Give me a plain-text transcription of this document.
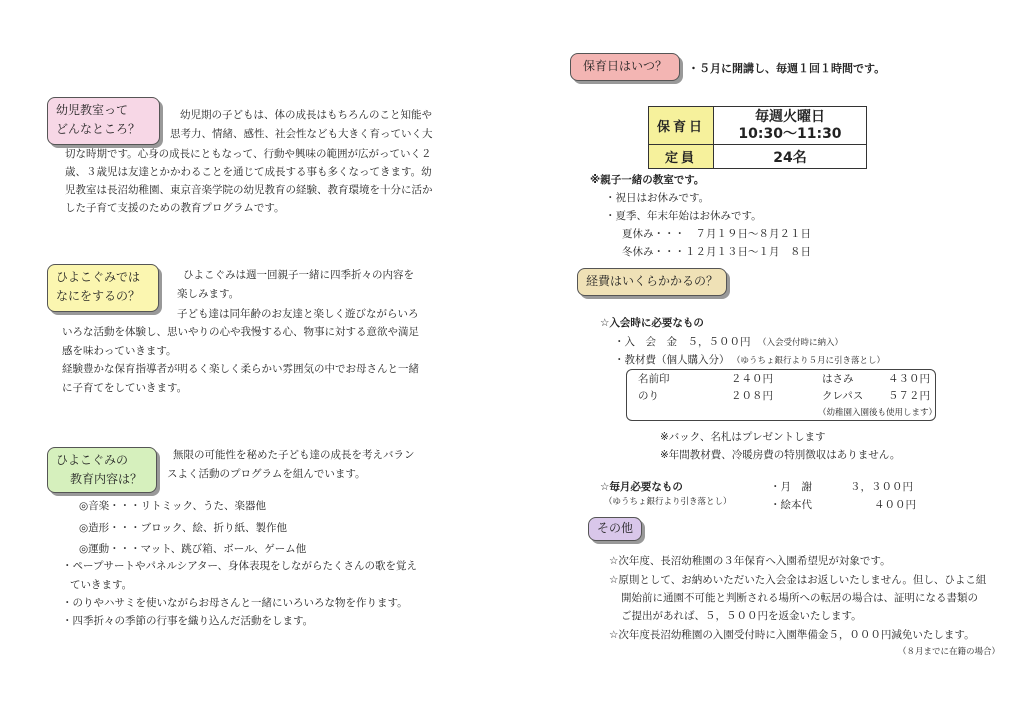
幼児教室って
どんなところ？
幼児期の子どもは、体の成長はもちろんのこと知能や
思考力、情緒、感性、社会性なども大きく育っていく大
切な時期です。心身の成長にともなって、行動や興味の範囲が広がっていく２
歳、３歳児は友達とかかわることを通じて成長する事も多くなってきます。幼
児教室は長沼幼稚園、東京音楽学院の幼児教育の経験、教育環境を十分に活か
した子育て支援のための教育プログラムです。
ひよこぐみでは
なにをするの？
ひよこぐみは週一回親子一緒に四季折々の内容を
楽しみます。
子ども達は同年齢のお友達と楽しく遊びながらいろ
いろな活動を体験し、思いやりの心や我慢する心、物事に対する意欲や満足
感を味わっていきます。
経験豊かな保育指導者が明るく楽しく柔らかい雰囲気の中でお母さんと一緒
に子育てをしていきます。
ひよこぐみの
教育内容は？
無限の可能性を秘めた子ども達の成長を考えバラン
スよく活動のプログラムを組んでいます。
◎音楽・・・リトミック、うた、楽器他
◎造形・・・ブロック、絵、折り紙、製作他
◎運動・・・マット、跳び箱、ボール、ゲーム他
・ペープサートやパネルシアター、身体表現をしながらたくさんの歌を覚え
ていきます。
・のりやハサミを使いながらお母さんと一緒にいろいろな物を作ります。
・四季折々の季節の行事を織り込んだ活動をします。
保育日はいつ？	・５月に開講し、毎週１回１時間です。
保育日	毎週火曜日
10:30〜11:30

定員	24名
※親子一緒の教室です。
・祝日はお休みです。
・夏季、年末年始はお休みです。
夏休み・・・　７月１９日〜８月２１日
冬休み・・・１２月１３日〜１月　８日
経費はいくらかかるの？
☆入会時に必要なもの
・入　会　金　５，５００円 （入会受付時に納入）
・教材費（個人購入分） （ゆうちょ銀行より５月に引き落とし）
名前印	２４０円	はさみ	４３０円
のり	２０８円	クレパス ５７２円
（幼稚園入園後も使用します）
※バック、名札はプレゼントします
※年間教材費、冷暖房費の特別徴収はありません。
☆毎月必要なもの
（ゆうちょ銀行より引き落とし）
・月　謝	３，３００円
・絵本代	４００円
その他
☆次年度、長沼幼稚園の３年保育へ入園希望児が対象です。
☆原則として、お納めいただいた入会金はお返しいたしません。但し、ひよこ組
開始前に通園不可能と判断される場所への転居の場合は、証明になる書類の
ご提出があれば、５，５００円を返金いたします。
☆次年度長沼幼稚園の入園受付時に入園準備金５，０００円減免いたします。
（８月までに在籍の場合）
